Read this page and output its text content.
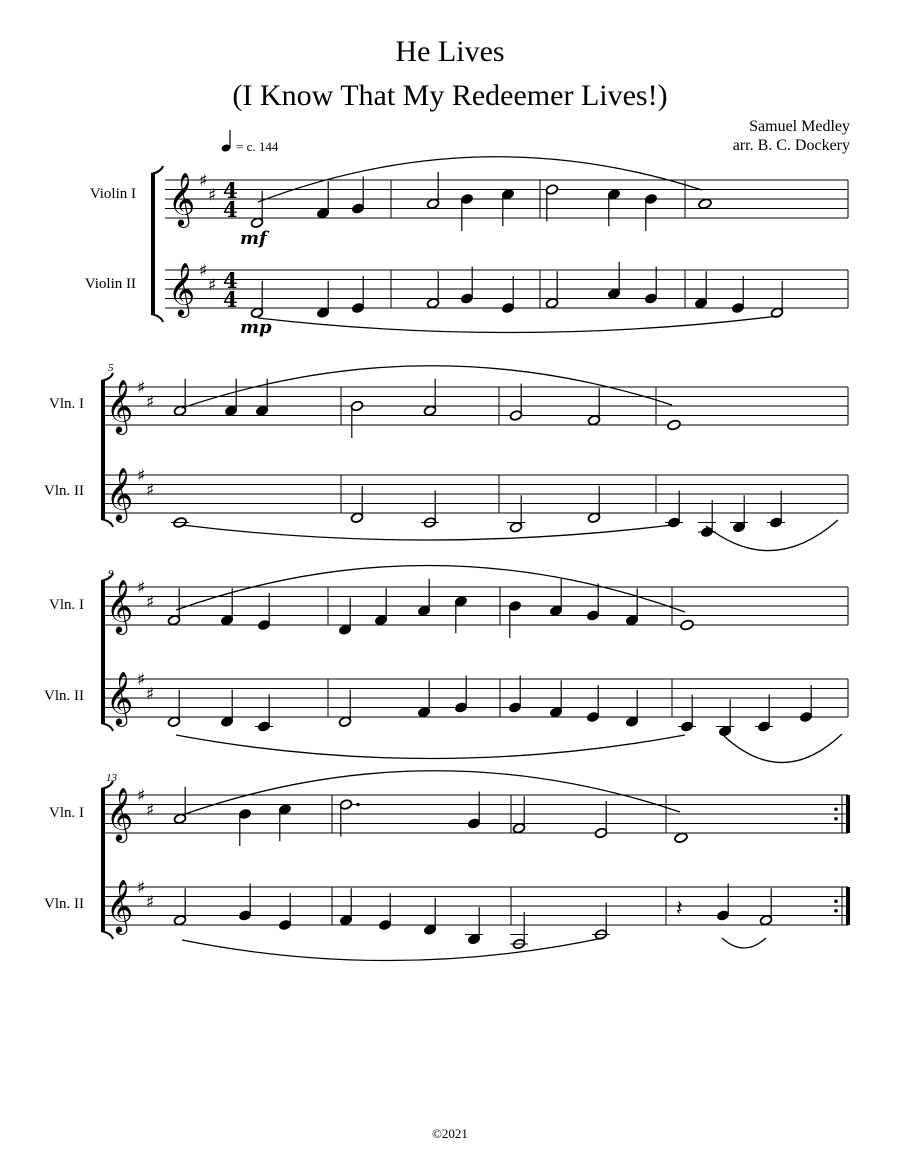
He Lives
(I Know That My Redeemer Lives!)
Samuel Medley
arr. B. C. Dockery
= c. 144
Violin I
Violin II
5
Vln. I
Vln. II
9
Vln. I
Vln. II
13
Vln. I
Vln. II
©2021
𝄞 ♯
♯ 4
4
𝄞 ♯
♯ 4
4
𝄞 ♯
♯
𝄞 ♯
♯
𝄞 ♯
♯
𝄞 ♯
♯
𝄞 ♯
♯
𝄞 ♯
♯	𝄽
mf
mp
